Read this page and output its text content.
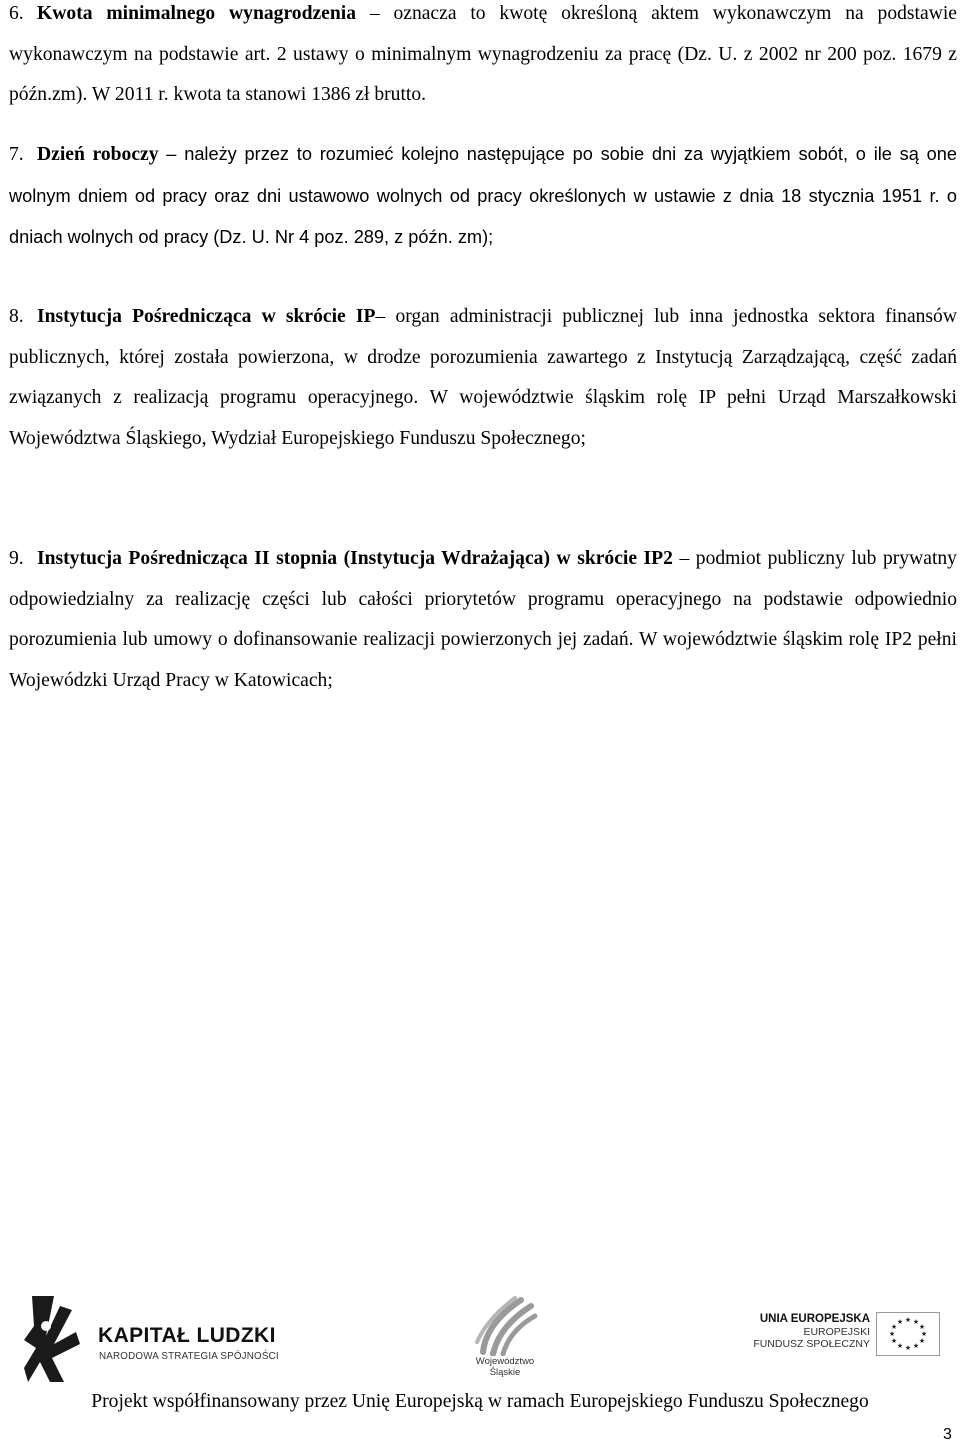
6. Kwota minimalnego wynagrodzenia – oznacza to kwotę określoną aktem wykonawczym na podstawie wykonawczym na podstawie art. 2 ustawy o minimalnym wynagrodzeniu za pracę (Dz. U. z 2002 nr 200 poz. 1679 z późn.zm). W 2011 r. kwota ta stanowi 1386 zł brutto.

7. Dzień roboczy – należy przez to rozumieć kolejno następujące po sobie dni za wyjątkiem sobót, o ile są one wolnym dniem od pracy oraz dni ustawowo wolnych od pracy określonych w ustawie z dnia 18 stycznia 1951 r. o dniach wolnych od pracy (Dz. U. Nr 4 poz. 289, z późn. zm);

8. Instytucja Pośrednicząca w skrócie IP– organ administracji publicznej lub inna jednostka sektora finansów publicznych, której została powierzona, w drodze porozumienia zawartego z Instytucją Zarządzającą, część zadań związanych z realizacją programu operacyjnego. W województwie śląskim rolę IP pełni Urząd Marszałkowski Województwa Śląskiego, Wydział Europejskiego Funduszu Społecznego;

9. Instytucja Pośrednicząca II stopnia (Instytucja Wdrażająca) w skrócie IP2 – podmiot publiczny lub prywatny odpowiedzialny za realizację części lub całości priorytetów programu operacyjnego na podstawie odpowiednio porozumienia lub umowy o dofinansowanie realizacji powierzonych jej zadań. W województwie śląskim rolę IP2 pełni Wojewódzki Urząd Pracy w Katowicach;

KAPITAŁ LUDZKI
NARODOWA STRATEGIA SPÓJNOŚCI	Województwo
Śląskie
UNIA EUROPEJSKA
EUROPEJSKI
FUNDUSZ SPOŁECZNY
★ ★
★
★
★
★
★
★
★
★
★
★
Projekt współfinansowany przez Unię Europejską w ramach Europejskiego Funduszu Społecznego
3
